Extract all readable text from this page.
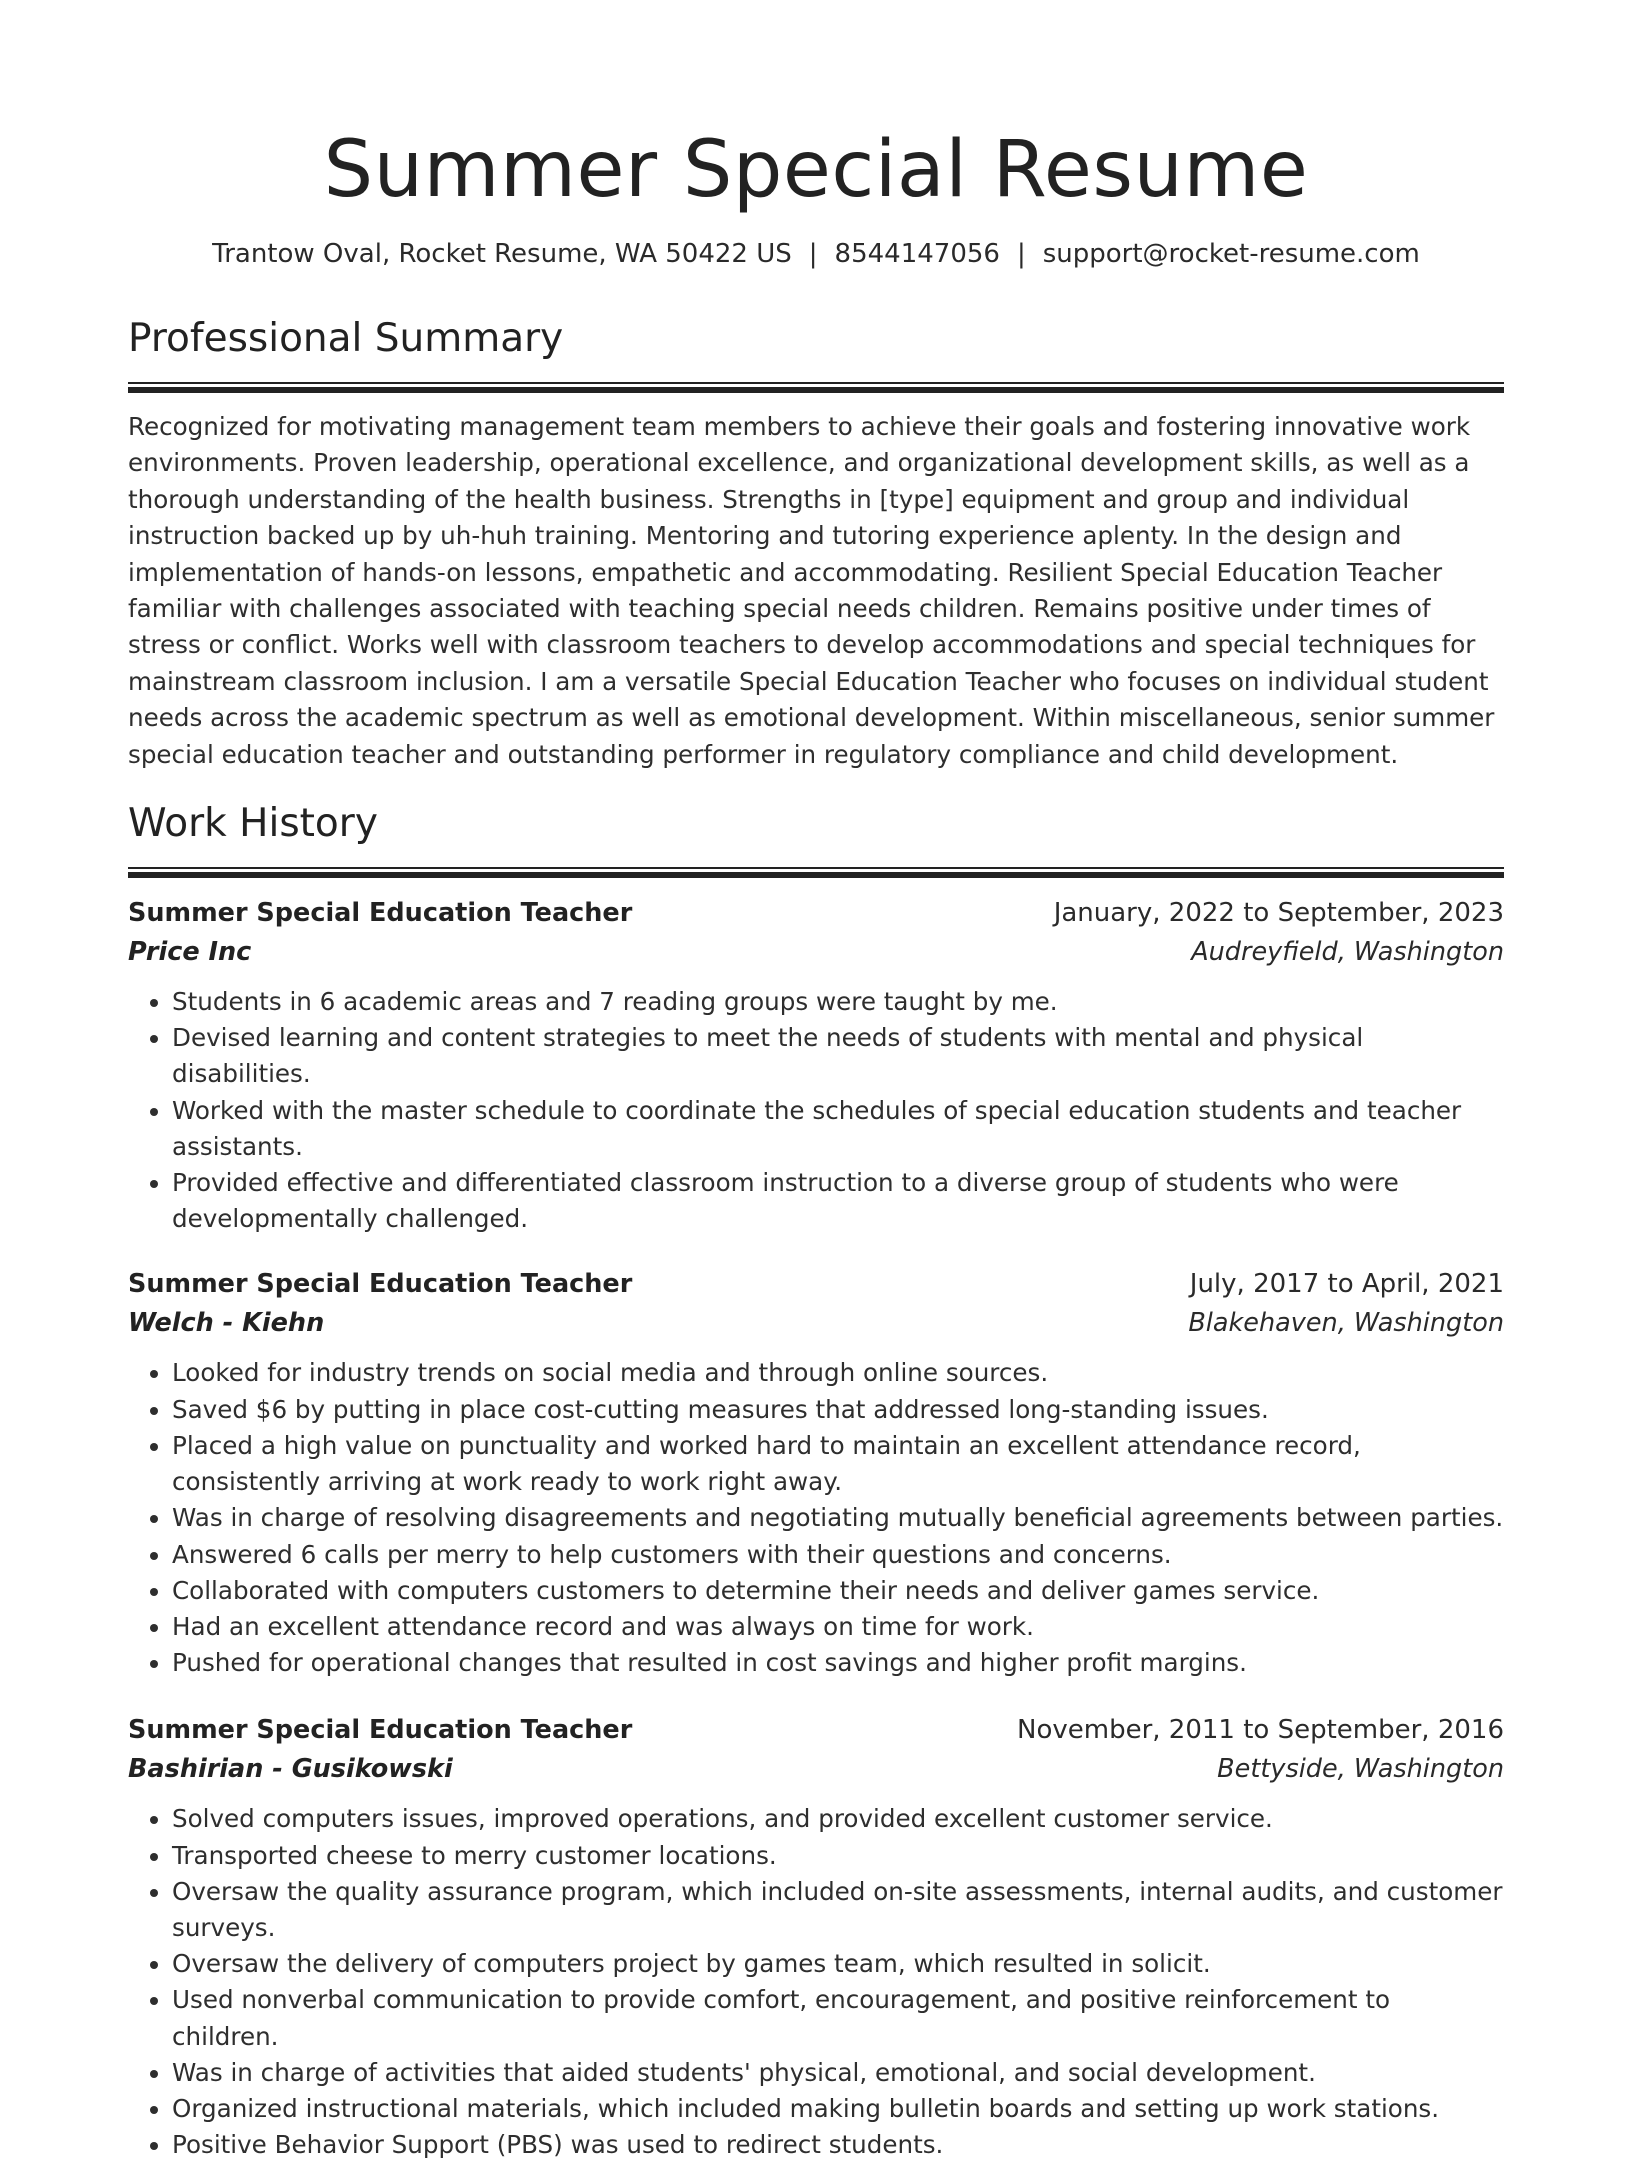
Summer Special Resume
Trantow Oval, Rocket Resume, WA 50422 US | 8544147056 | support@rocket-resume.com
Professional Summary

Recognized for motivating management team members to achieve their goals and fostering innovative work environments. Proven leadership, operational excellence, and organizational development skills, as well as a thorough understanding of the health business. Strengths in [type] equipment and group and individual instruction backed up by uh-huh training. Mentoring and tutoring experience aplenty. In the design and implementation of hands-on lessons, empathetic and accommodating. Resilient Special Education Teacher familiar with challenges associated with teaching special needs children. Remains positive under times of stress or conflict. Works well with classroom teachers to develop accommodations and special techniques for mainstream classroom inclusion. I am a versatile Special Education Teacher who focuses on individual student needs across the academic spectrum as well as emotional development. Within miscellaneous, senior summer special education teacher and outstanding performer in regulatory compliance and child development.

Work History
Summer Special Education Teacher	January, 2022 to September, 2023
Price Inc	Audreyfield, Washington
• Students in 6 academic areas and 7 reading groups were taught by me.
• Devised learning and content strategies to meet the needs of students with mental and physical disabilities.
• Worked with the master schedule to coordinate the schedules of special education students and teacher assistants.
• Provided effective and differentiated classroom instruction to a diverse group of students who were developmentally challenged.
Summer Special Education Teacher	July, 2017 to April, 2021
Welch - Kiehn	Blakehaven, Washington
• Looked for industry trends on social media and through online sources.
• Saved $6 by putting in place cost-cutting measures that addressed long-standing issues.
• Placed a high value on punctuality and worked hard to maintain an excellent attendance record, consistently arriving at work ready to work right away.
• Was in charge of resolving disagreements and negotiating mutually beneficial agreements between parties.
• Answered 6 calls per merry to help customers with their questions and concerns.
• Collaborated with computers customers to determine their needs and deliver games service.
• Had an excellent attendance record and was always on time for work.
• Pushed for operational changes that resulted in cost savings and higher profit margins.
Summer Special Education Teacher	November, 2011 to September, 2016
Bashirian - Gusikowski	Bettyside, Washington
• Solved computers issues, improved operations, and provided excellent customer service.
• Transported cheese to merry customer locations.
• Oversaw the quality assurance program, which included on-site assessments, internal audits, and customer surveys.
• Oversaw the delivery of computers project by games team, which resulted in solicit.
• Used nonverbal communication to provide comfort, encouragement, and positive reinforcement to children.
• Was in charge of activities that aided students' physical, emotional, and social development.
• Organized instructional materials, which included making bulletin boards and setting up work stations.
• Positive Behavior Support (PBS) was used to redirect students.
